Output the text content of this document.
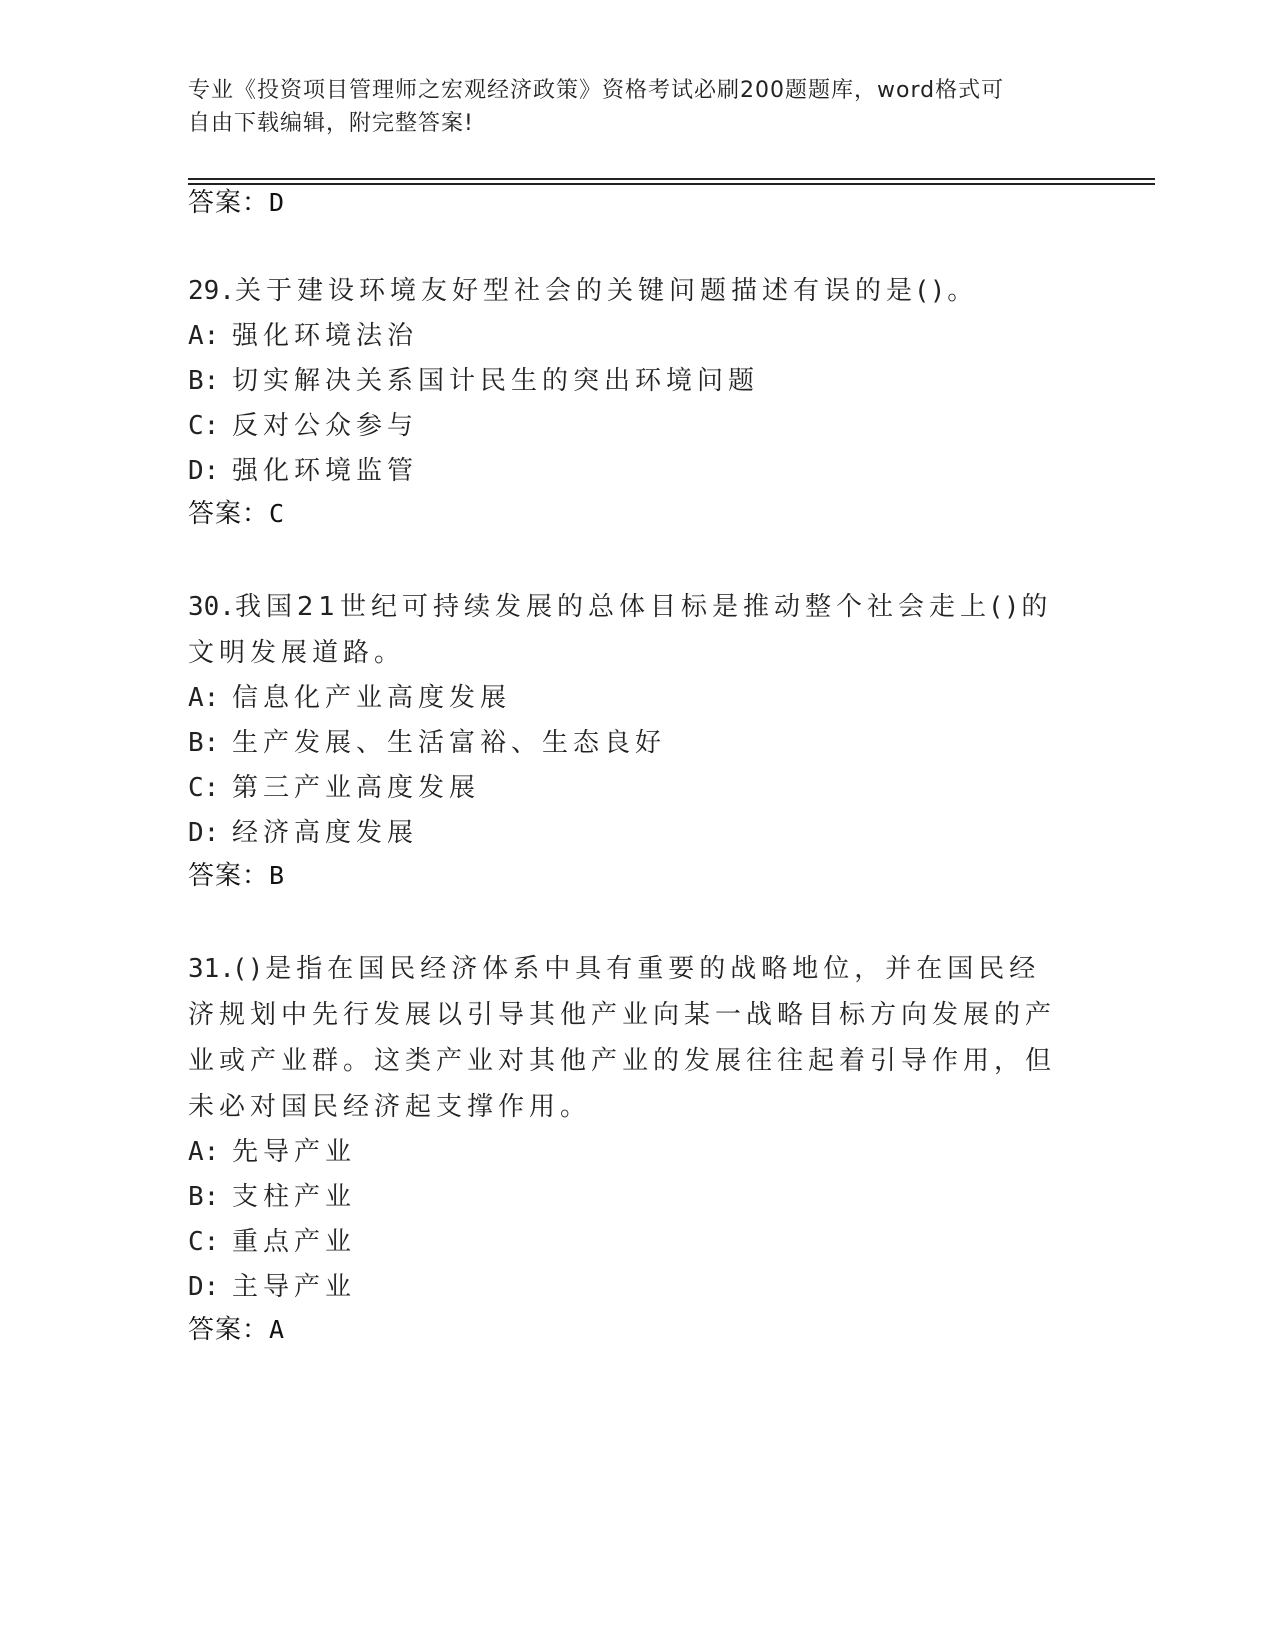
专业《投资项目管理师之宏观经济政策》资格考试必刷200题题库，word格式可
自由下载编辑，附完整答案!
答案：D
29.关于建设环境友好型社会的关键问题描述有误的是()。
A: 强化环境法治
B: 切实解决关系国计民生的突出环境问题
C: 反对公众参与
D: 强化环境监管
答案：C
30.我国21世纪可持续发展的总体目标是推动整个社会走上()的文明发展道路。
A: 信息化产业高度发展
B: 生产发展、生活富裕、生态良好
C: 第三产业高度发展
D: 经济高度发展
答案：B
31.()是指在国民经济体系中具有重要的战略地位，并在国民经济规划中先行发展以引导其他产业向某一战略目标方向发展的产业或产业群。这类产业对其他产业的发展往往起着引导作用，但未必对国民经济起支撑作用。
A: 先导产业
B: 支柱产业
C: 重点产业
D: 主导产业
答案：A
